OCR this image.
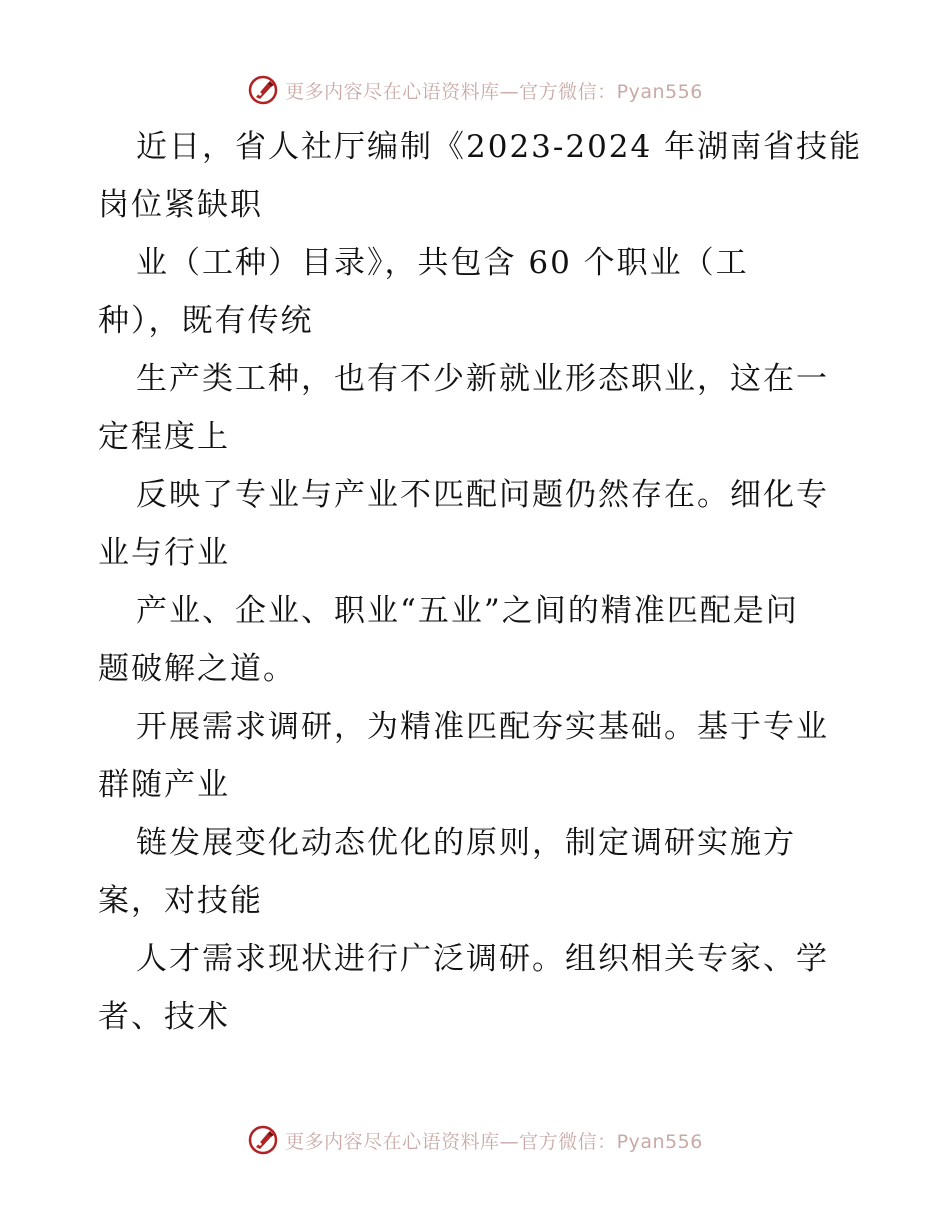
更多内容尽在心语资料库—官方微信：Pyan556

近日，省人社厅编制《2023-2024 年湖南省技能
岗位紧缺职

业（工种）目录》，共包含 60 个职业（工
种），既有传统

生产类工种，也有不少新就业形态职业，这在一
定程度上

反映了专业与产业不匹配问题仍然存在。细化专
业与行业

产业、企业、职业“五业”之间的精准匹配是问
题破解之道。

开展需求调研，为精准匹配夯实基础。基于专业
群随产业

链发展变化动态优化的原则，制定调研实施方
案，对技能

人才需求现状进行广泛调研。组织相关专家、学
者、技术

更多内容尽在心语资料库—官方微信：Pyan556
